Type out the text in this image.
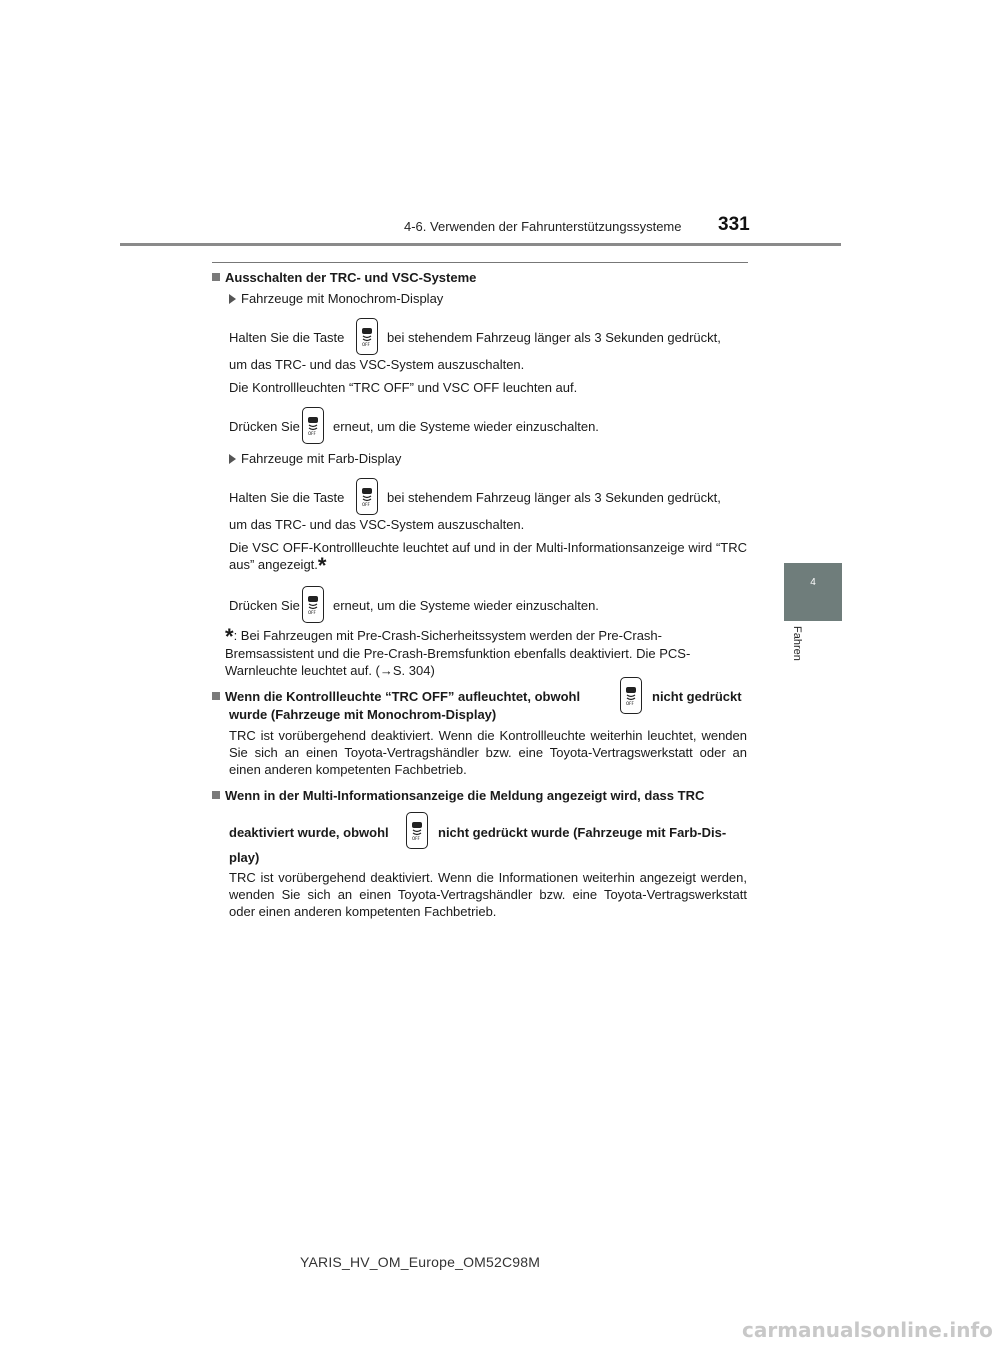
4-6. Verwenden der Fahrunterstützungssysteme 331
4
Fahren
Ausschalten der TRC- und VSC-Systeme
Fahrzeuge mit Monochrom-Display
Halten Sie die Taste	OFF bei stehendem Fahrzeug länger als 3 Sekunden gedrückt,
um das TRC- und das VSC-System auszuschalten.
Die Kontrollleuchten “TRC OFF” und VSC OFF leuchten auf.
Drücken Sie OFF erneut, um die Systeme wieder einzuschalten.
Fahrzeuge mit Farb-Display
Halten Sie die Taste	OFF bei stehendem Fahrzeug länger als 3 Sekunden gedrückt,
um das TRC- und das VSC-System auszuschalten.
Die VSC OFF-Kontrollleuchte leuchtet auf und in der Multi-Informationsanzeige wird “TRC aus” angezeigt.*
Drücken Sie OFF erneut, um die Systeme wieder einzuschalten.
*: Bei Fahrzeugen mit Pre-Crash-Sicherheitssystem werden der Pre-Crash-Bremsassistent und die Pre-Crash-Bremsfunktion ebenfalls deaktiviert. Die PCS-Warnleuchte leuchtet auf. (→S. 304)
Wenn die Kontrollleuchte “TRC OFF” aufleuchtet, obwohl	OFF nicht gedrückt
wurde (Fahrzeuge mit Monochrom-Display)
TRC ist vorübergehend deaktiviert. Wenn die Kontrollleuchte weiterhin leuchtet, wenden Sie sich an einen Toyota-Vertragshändler bzw. eine Toyota-Vertragswerkstatt oder an einen anderen kompetenten Fachbetrieb.
Wenn in der Multi-Informationsanzeige die Meldung angezeigt wird, dass TRC
deaktiviert wurde, obwohl	OFF nicht gedrückt wurde (Fahrzeuge mit Farb-Dis-
play)
TRC ist vorübergehend deaktiviert. Wenn die Informationen weiterhin angezeigt werden, wenden Sie sich an einen Toyota-Vertragshändler bzw. eine Toyota-Vertragswerkstatt oder einen anderen kompetenten Fachbetrieb.
YARIS_HV_OM_Europe_OM52C98M
carmanualsonline.info
